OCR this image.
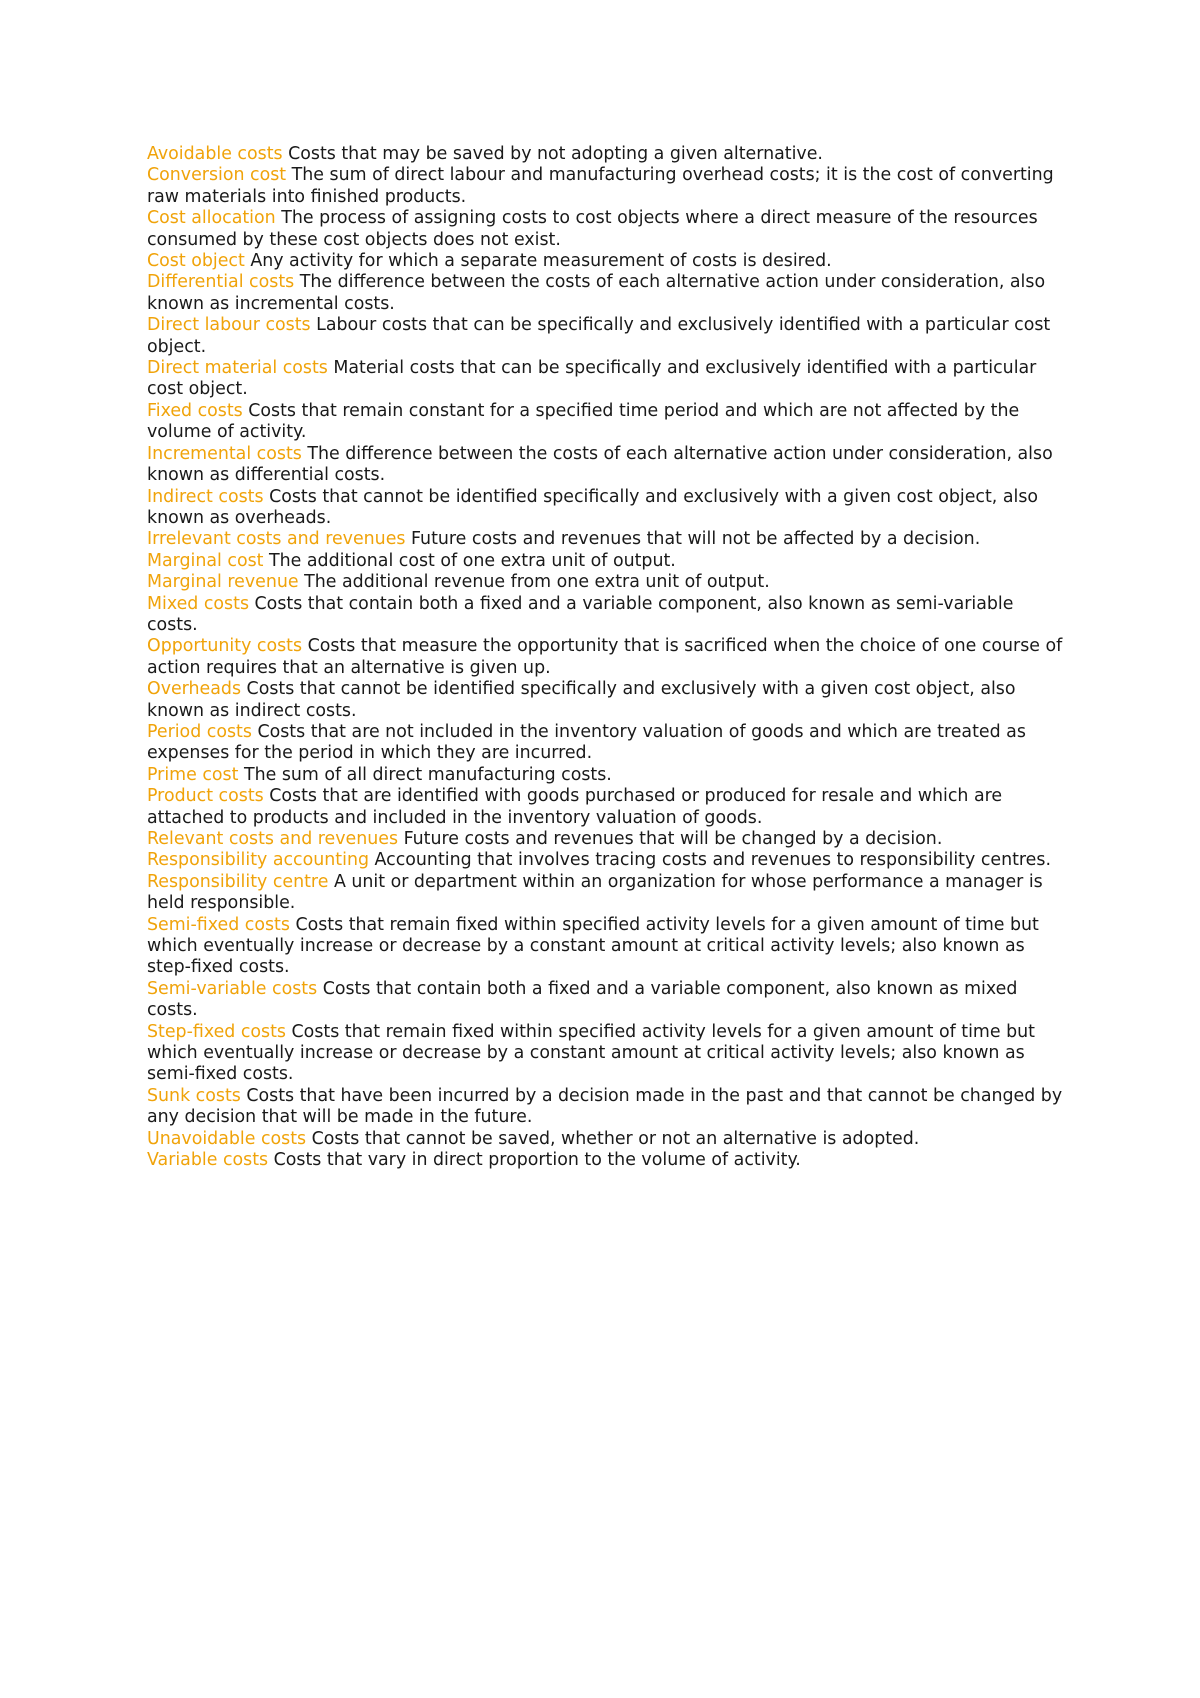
Avoidable costs Costs that may be saved by not adopting a given alternative.

Conversion cost The sum of direct labour and manufacturing overhead costs; it is the cost of converting raw materials into finished products.

Cost allocation The process of assigning costs to cost objects where a direct measure of the resources consumed by these cost objects does not exist.

Cost object Any activity for which a separate measurement of costs is desired.

Differential costs The difference between the costs of each alternative action under consideration, also known as incremental costs.

Direct labour costs Labour costs that can be specifically and exclusively identified with a particular cost object.

Direct material costs Material costs that can be specifically and exclusively identified with a particular cost object.

Fixed costs Costs that remain constant for a specified time period and which are not affected by the volume of activity.

Incremental costs The difference between the costs of each alternative action under consideration, also known as differential costs.

Indirect costs Costs that cannot be identified specifically and exclusively with a given cost object, also known as overheads.

Irrelevant costs and revenues Future costs and revenues that will not be affected by a decision.

Marginal cost The additional cost of one extra unit of output.

Marginal revenue The additional revenue from one extra unit of output.

Mixed costs Costs that contain both a fixed and a variable component, also known as semi-variable costs.

Opportunity costs Costs that measure the opportunity that is sacrificed when the choice of one course of action requires that an alternative is given up.

Overheads Costs that cannot be identified specifically and exclusively with a given cost object, also known as indirect costs.

Period costs Costs that are not included in the inventory valuation of goods and which are treated as expenses for the period in which they are incurred.

Prime cost The sum of all direct manufacturing costs.

Product costs Costs that are identified with goods purchased or produced for resale and which are attached to products and included in the inventory valuation of goods.

Relevant costs and revenues Future costs and revenues that will be changed by a decision.

Responsibility accounting Accounting that involves tracing costs and revenues to responsibility centres.

Responsibility centre A unit or department within an organization for whose performance a manager is held responsible.

Semi-fixed costs Costs that remain fixed within specified activity levels for a given amount of time but which eventually increase or decrease by a constant amount at critical activity levels; also known as step-fixed costs.

Semi-variable costs Costs that contain both a fixed and a variable component, also known as mixed costs.

Step-fixed costs Costs that remain fixed within specified activity levels for a given amount of time but which eventually increase or decrease by a constant amount at critical activity levels; also known as semi-fixed costs.

Sunk costs Costs that have been incurred by a decision made in the past and that cannot be changed by any decision that will be made in the future.

Unavoidable costs Costs that cannot be saved, whether or not an alternative is adopted.

Variable costs Costs that vary in direct proportion to the volume of activity.
